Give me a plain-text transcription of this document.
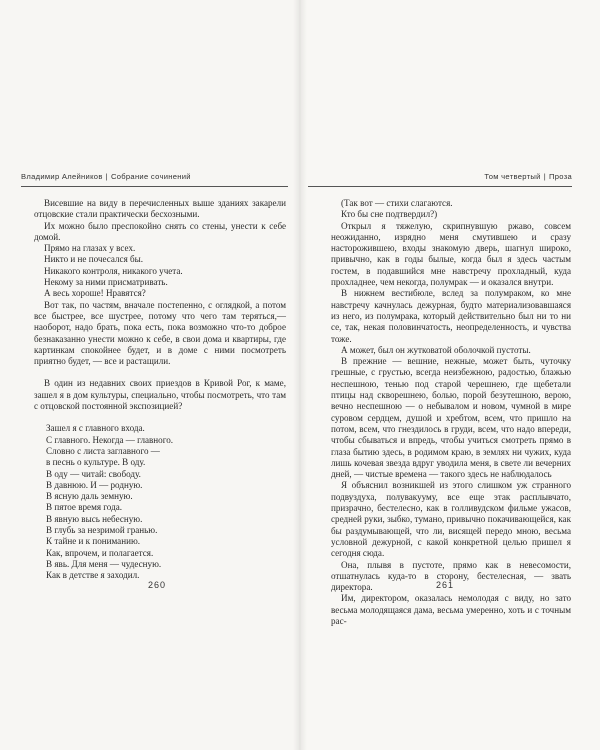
Владимир Алейников | Собрание сочинений

Висевшие на виду в перечисленных выше зданиях закарели отцовские стали практически бесхозными.

Их можно было преспокойно снять со стены, унести к себе домой.

Прямо на глазах у всех.

Никто и не почесался бы.

Никакого контроля, никакого учета.

Некому за ними присматривать.

А весь хороше! Нравятся?

Вот так, по частям, вначале постепенно, с оглядкой, а потом все быстрее, все шустрее, потому что чего там теряться,—наоборот, надо брать, пока есть, пока возможно что-то доброе безнаказанно унести можно к себе, в свои дома и квартиры, где картинкам спокойнее будет, и в доме с ними посмотреть приятно будет, — все и растащили.

В один из недавних своих приездов в Кривой Рог, к маме, зашел я в дом культуры, специально, чтобы посмотреть, что там с отцовской постоянной экспозицией?

Зашел я с главного входа.
С главного. Некогда — главного.
Словно с листа заглавного —
в песнь о культуре. В оду.
В оду — читай: свободу.
В давнюю. И — родную.
В ясную даль земную.
В пятое время года.
В явную высь небесную.
В глубь за незримой гранью.
К тайне и к пониманию.
Как, впрочем, и полагается.
В явь. Для меня — чудесную.
Как в детстве я заходил.
260
Том четвертый | Проза
(Так вот — стихи слагаются.
Кто бы сне подтвердил?)

Открыл я тяжелую, скрипнувшую ржаво, совсем неожиданно, изрядно меня смутившею и сразу насторожившею, входы знакомую дверь, шагнул широко, привычно, как в годы былые, когда был я здесь частым гостем, в подавшийся мне навстречу прохладный, куда прохладнее, чем некогда, полумрак — и оказался внутри.

В нижнем вестибюле, вслед за полумраком, ко мне навстречу качнулась дежурная, будто материализовавшаяся из него, из полумрака, который действительно был ни то ни се, так, некая половинчатость, неопределенность, и чувства тоже.

А может, был он жутковатой оболочкой пустоты.

В прежние — вешние, нежные, может быть, чуточку грешные, с грустью, всегда неизбежною, радостью, блажью неспешною, тенью под старой черешнею, где щебетали птицы над скворешнею, болью, порой безутешною, верою, вечно неспешною — о небывалом и новом, чумной в мире суровом сердцем, душой и хребтом, всем, что пришло на потом, всем, что гнездилось в груди, всем, что надо впереди, чтобы сбываться и впредь, чтобы учиться смотреть прямо в глаза бытию здесь, в родимом краю, в землях ни чужих, куда лишь кочевая звезда вдруг уводила меня, в свете ли вечерних дней, — чистые времена — такого здесь не наблюдалось

Я объяснил возникшей из этого слишком уж странного подвуздуха, полувакууму, все еще этак расплывчато, призрачно, бестелесно, как в голливудском фильме ужасов, средней руки, зыбко, тумано, привычно покачивающейся, как бы раздумывающей, что ли, висящей передо мною, весьма условной дежурной, с какой конкретной целью пришел я сегодня сюда.

Она, плывя в пустоте, прямо как в невесомости, отшатнулась куда-то в сторону, бестелесная, — звать директора.

Им, директором, оказалась немолодая с виду, но зато весьма молодящаяся дама, весьма умеренно, хоть и с точным рас-

261
